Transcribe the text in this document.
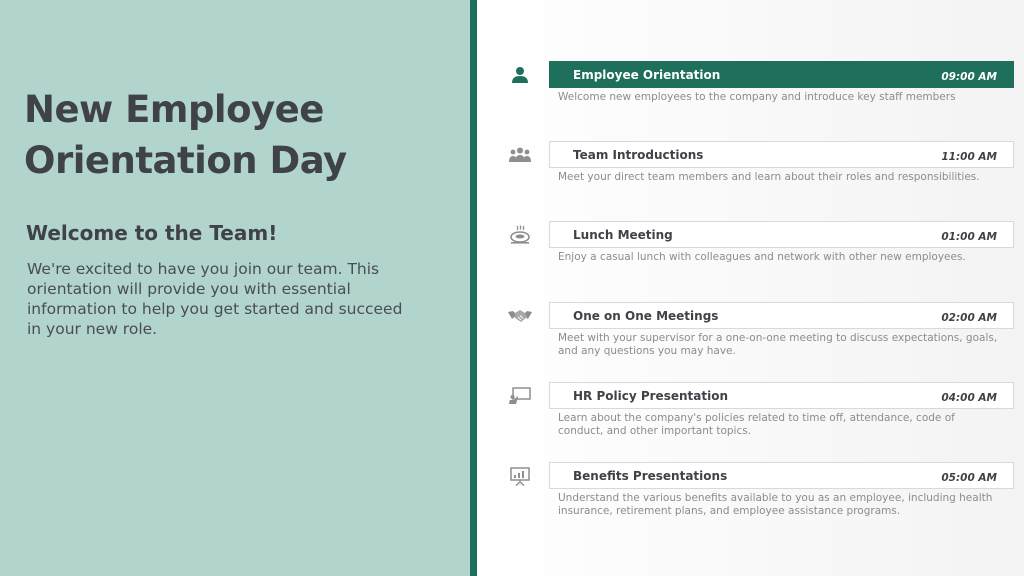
New Employee Orientation Day
Welcome to the Team!

We're excited to have you join our team. This orientation will provide you with essential information to help you get started and succeed in your new role.

Employee Orientation	09:00 AM

Welcome new employees to the company and introduce key staff members

Team Introductions	11:00 AM

Meet your direct team members and learn about their roles and responsibilities.

Lunch Meeting	01:00 AM

Enjoy a casual lunch with colleagues and network with other new employees.

One on One Meetings	02:00 AM

Meet with your supervisor for a one-on-one meeting to discuss expectations, goals, and any questions you may have.

HR Policy Presentation	04:00 AM

Learn about the company's policies related to time off, attendance, code of conduct, and other important topics.

Benefits Presentations	05:00 AM

Understand the various benefits available to you as an employee, including health insurance, retirement plans, and employee assistance programs.
